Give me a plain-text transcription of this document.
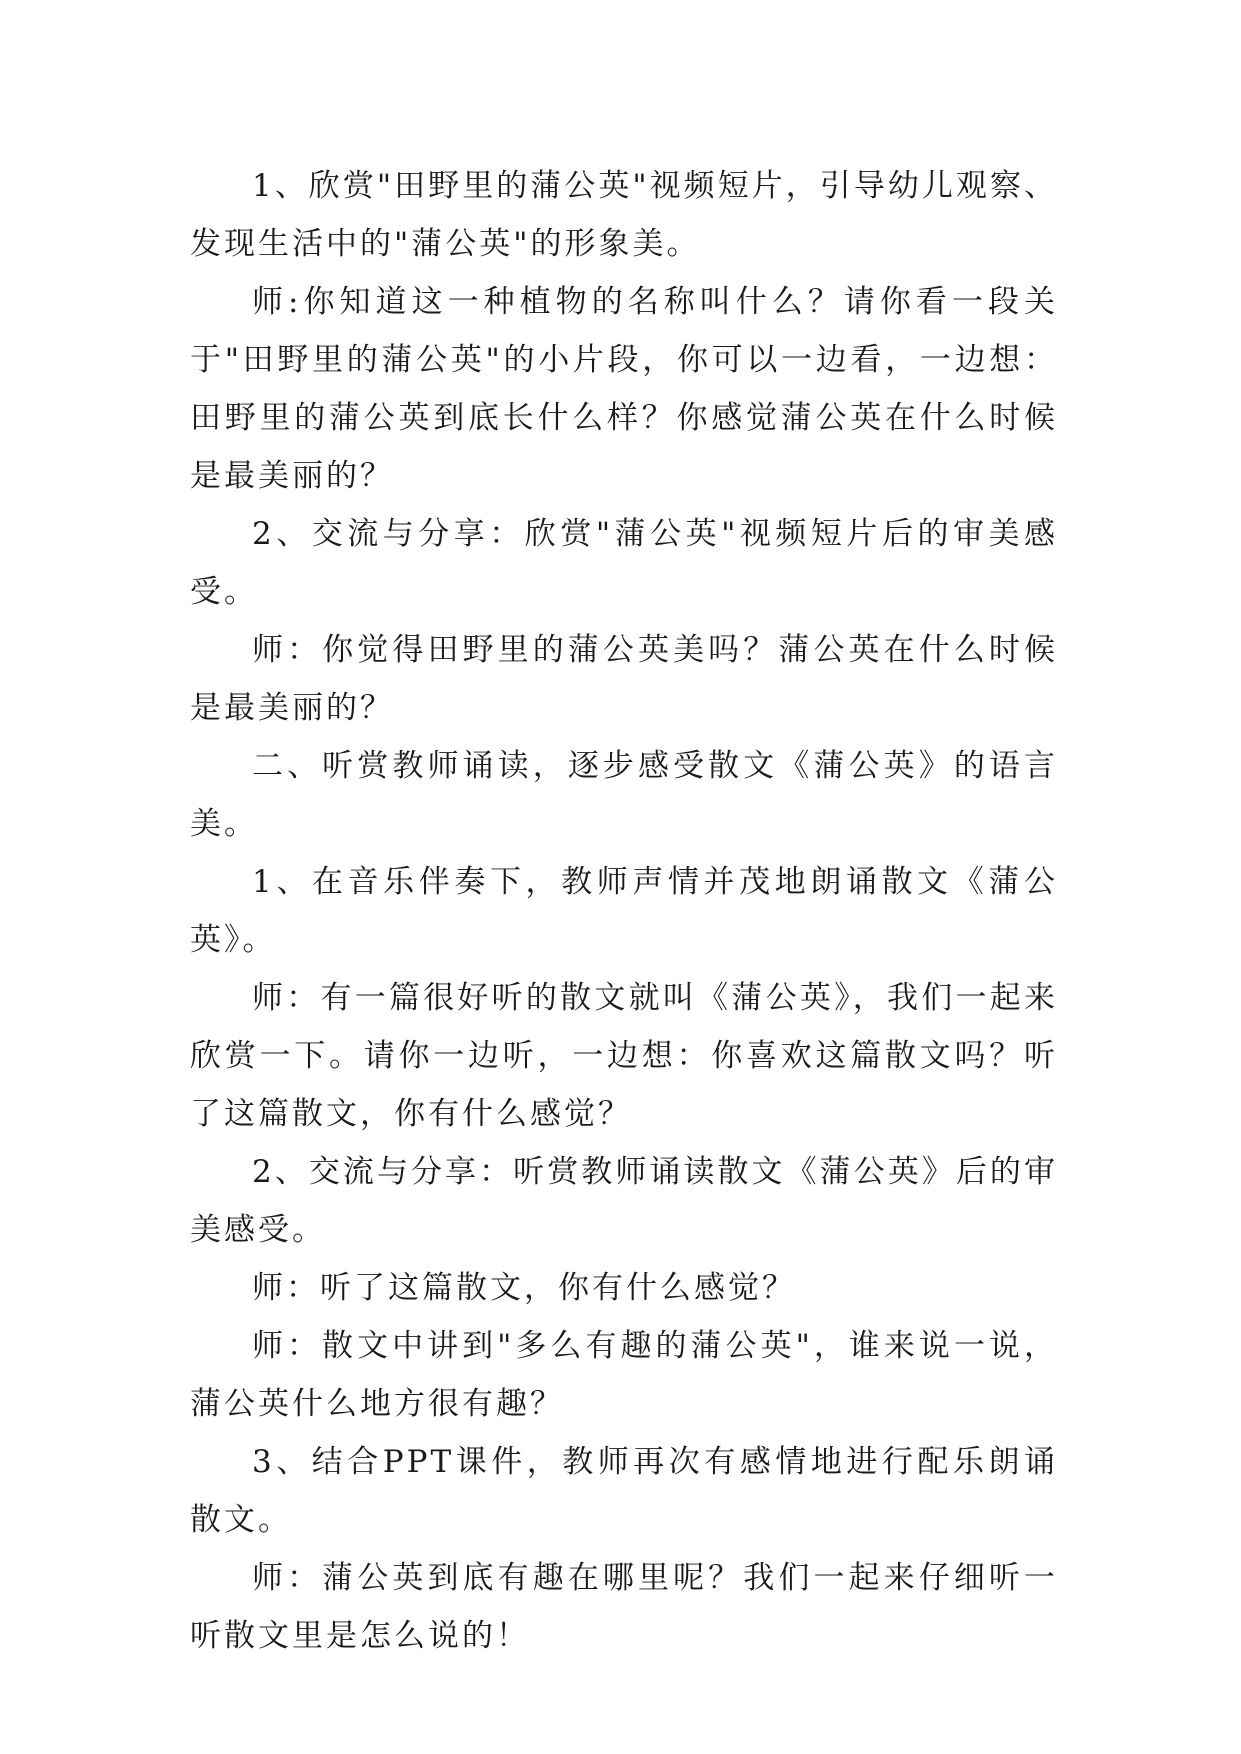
1、欣赏"田野里的蒲公英"视频短片，引导幼儿观察、发现生活中的"蒲公英"的形象美。

师:你知道这一种植物的名称叫什么？请你看一段关于"田野里的蒲公英"的小片段，你可以一边看，一边想：田野里的蒲公英到底长什么样？你感觉蒲公英在什么时候是最美丽的？

2、交流与分享：欣赏"蒲公英"视频短片后的审美感受。

师：你觉得田野里的蒲公英美吗？蒲公英在什么时候是最美丽的？

二、听赏教师诵读，逐步感受散文《蒲公英》的语言美。

1、在音乐伴奏下，教师声情并茂地朗诵散文《蒲公英》。

师：有一篇很好听的散文就叫《蒲公英》，我们一起来欣赏一下。请你一边听，一边想：你喜欢这篇散文吗？听了这篇散文，你有什么感觉？

2、交流与分享：听赏教师诵读散文《蒲公英》后的审美感受。

师：听了这篇散文，你有什么感觉？

师：散文中讲到"多么有趣的蒲公英"，谁来说一说，蒲公英什么地方很有趣？

3、结合PPT课件，教师再次有感情地进行配乐朗诵散文。

师：蒲公英到底有趣在哪里呢？我们一起来仔细听一听散文里是怎么说的！
